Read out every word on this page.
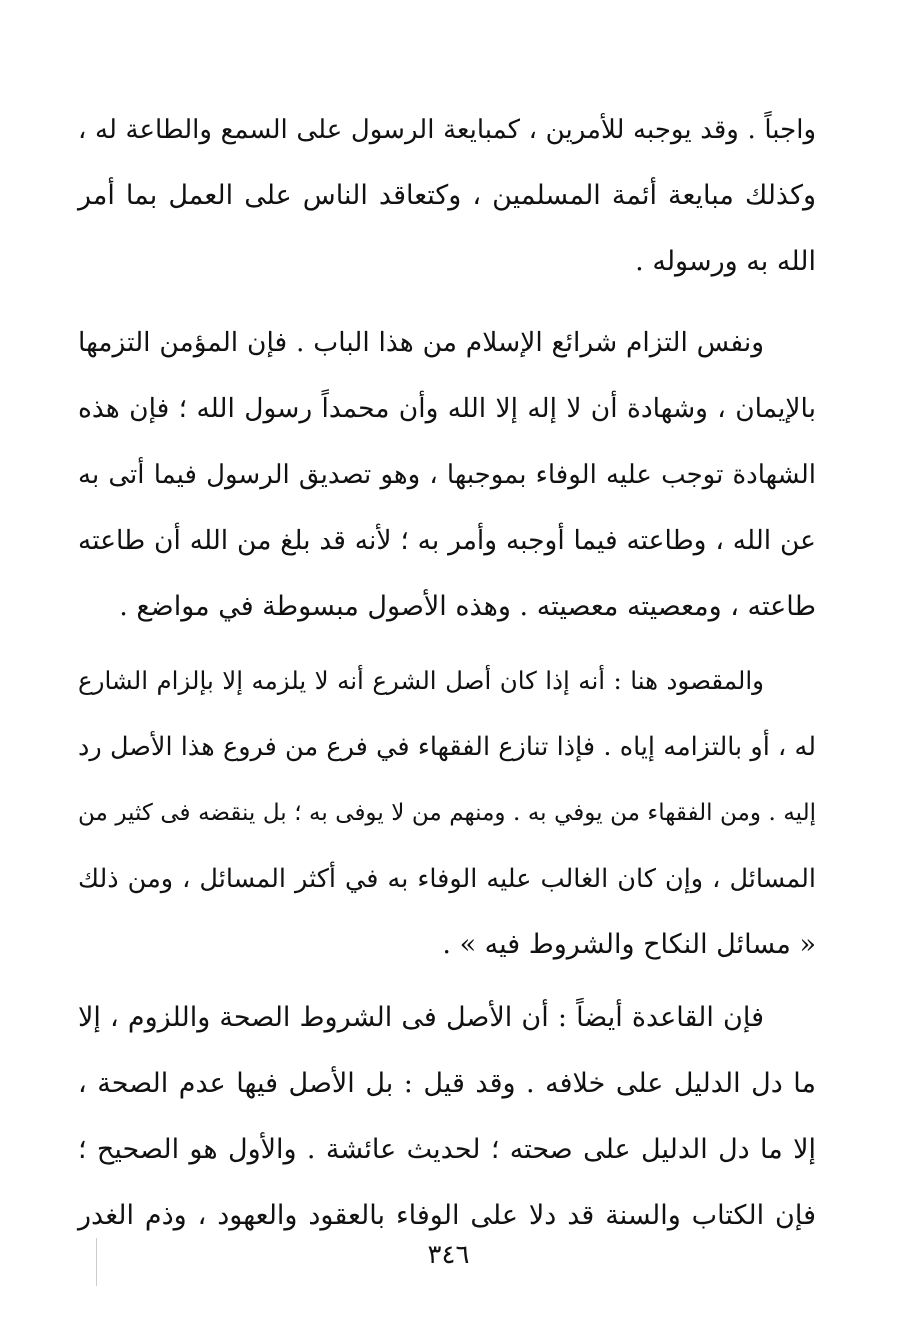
واجباً . وقد يوجبه للأمرين ، كمبايعة الرسول على السمع والطاعة له ،
وكذلك مبايعة أئمة المسلمين ، وكتعاقد الناس على العمل بما أمر
الله به ورسوله .
ونفس التزام شرائع الإسلام من هذا الباب . فإن المؤمن التزمها
بالإيمان ، وشهادة أن لا إله إلا الله وأن محمداً رسول الله ؛ فإن هذه
الشهادة توجب عليه الوفاء بموجبها ، وهو تصديق الرسول فيما أتى به
عن الله ، وطاعته فيما أوجبه وأمر به ؛ لأنه قد بلغ من الله أن طاعته
طاعته ، ومعصيته معصيته . وهذه الأصول مبسوطة في مواضع .
والمقصود هنا : أنه إذا كان أصل الشرع أنه لا يلزمه إلا بإلزام الشارع
له ، أو بالتزامه إياه . فإذا تنازع الفقهاء في فرع من فروع هذا الأصل رد
إليه . ومن الفقهاء من يوفي به . ومنهم من لا يوفى به ؛ بل ينقضه فى كثير من
المسائل ، وإن كان الغالب عليه الوفاء به في أكثر المسائل ، ومن ذلك
« مسائل النكاح والشروط فيه » .
فإن القاعدة أيضاً : أن الأصل فى الشروط الصحة واللزوم ، إلا
ما دل الدليل على خلافه . وقد قيل : بل الأصل فيها عدم الصحة ،
إلا ما دل الدليل على صحته ؛ لحديث عائشة . والأول هو الصحيح ؛
فإن الكتاب والسنة قد دلا على الوفاء بالعقود والعهود ، وذم الغدر
٣٤٦
